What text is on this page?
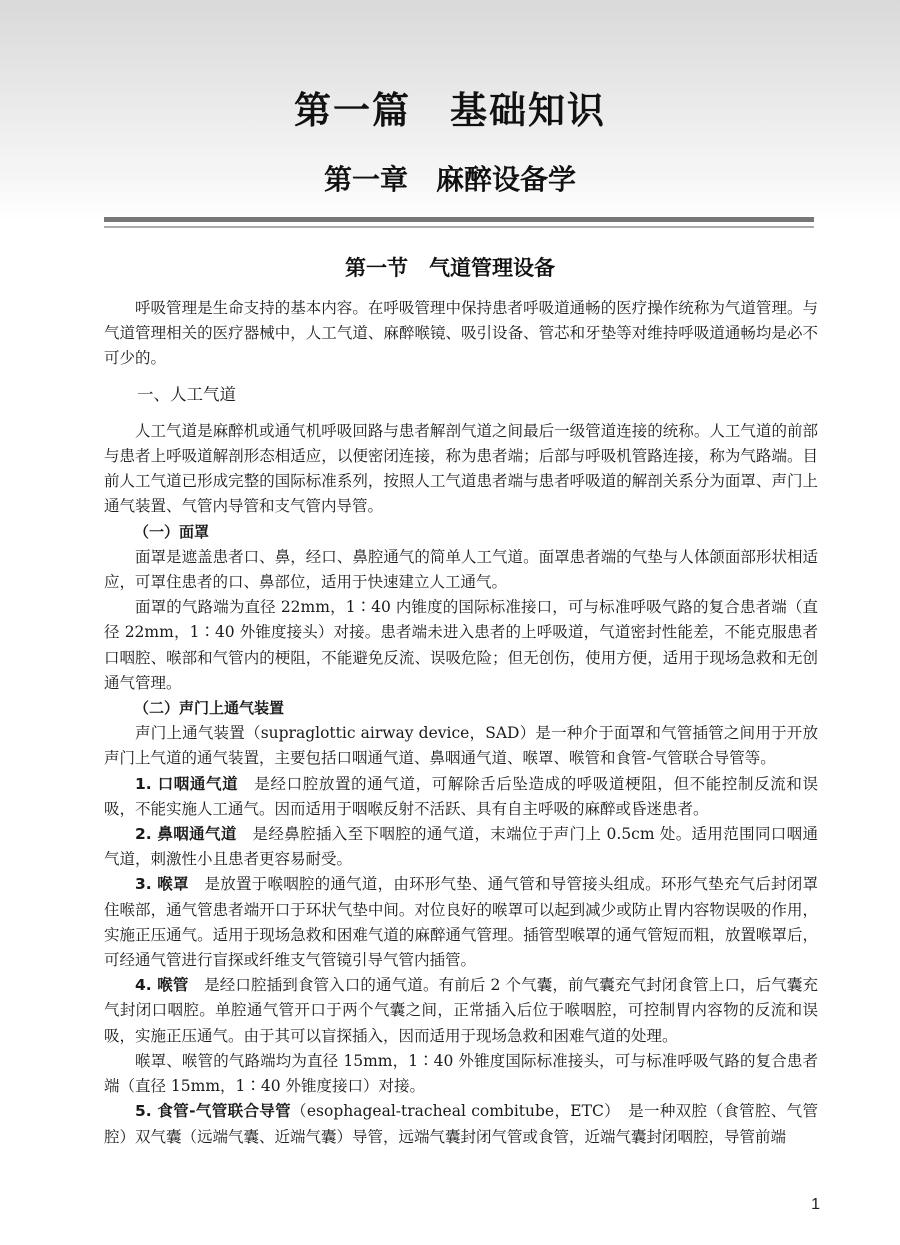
第一篇　基础知识
第一章　麻醉设备学
第一节　气道管理设备

呼吸管理是生命支持的基本内容。在呼吸管理中保持患者呼吸道通畅的医疗操作统称为气道管理。与气道管理相关的医疗器械中，人工气道、麻醉喉镜、吸引设备、管芯和牙垫等对维持呼吸道通畅均是必不可少的。

一、人工气道

人工气道是麻醉机或通气机呼吸回路与患者解剖气道之间最后一级管道连接的统称。人工气道的前部与患者上呼吸道解剖形态相适应，以便密闭连接，称为患者端；后部与呼吸机管路连接，称为气路端。目前人工气道已形成完整的国际标准系列，按照人工气道患者端与患者呼吸道的解剖关系分为面罩、声门上通气装置、气管内导管和支气管内导管。

（一）面罩

面罩是遮盖患者口、鼻，经口、鼻腔通气的简单人工气道。面罩患者端的气垫与人体颌面部形状相适应，可罩住患者的口、鼻部位，适用于快速建立人工通气。

面罩的气路端为直径 22mm，1∶40 内锥度的国际标准接口，可与标准呼吸气路的复合患者端（直径 22mm，1∶40 外锥度接头）对接。患者端未进入患者的上呼吸道，气道密封性能差，不能克服患者口咽腔、喉部和气管内的梗阻，不能避免反流、误吸危险；但无创伤，使用方便，适用于现场急救和无创通气管理。

（二）声门上通气装置

声门上通气装置（supraglottic airway device，SAD）是一种介于面罩和气管插管之间用于开放声门上气道的通气装置，主要包括口咽通气道、鼻咽通气道、喉罩、喉管和食管-气管联合导管等。

1. 口咽通气道　是经口腔放置的通气道，可解除舌后坠造成的呼吸道梗阻，但不能控制反流和误吸，不能实施人工通气。因而适用于咽喉反射不活跃、具有自主呼吸的麻醉或昏迷患者。

2. 鼻咽通气道　是经鼻腔插入至下咽腔的通气道，末端位于声门上 0.5cm 处。适用范围同口咽通气道，刺激性小且患者更容易耐受。

3. 喉罩　是放置于喉咽腔的通气道，由环形气垫、通气管和导管接头组成。环形气垫充气后封闭罩住喉部，通气管患者端开口于环状气垫中间。对位良好的喉罩可以起到减少或防止胃内容物误吸的作用，实施正压通气。适用于现场急救和困难气道的麻醉通气管理。插管型喉罩的通气管短而粗，放置喉罩后，可经通气管进行盲探或纤维支气管镜引导气管内插管。

4. 喉管　是经口腔插到食管入口的通气道。有前后 2 个气囊，前气囊充气封闭食管上口，后气囊充气封闭口咽腔。单腔通气管开口于两个气囊之间，正常插入后位于喉咽腔，可控制胃内容物的反流和误吸，实施正压通气。由于其可以盲探插入，因而适用于现场急救和困难气道的处理。

喉罩、喉管的气路端均为直径 15mm，1∶40 外锥度国际标准接头，可与标准呼吸气路的复合患者端（直径 15mm，1∶40 外锥度接口）对接。

5. 食管-气管联合导管（esophageal-tracheal combitube，ETC）　是一种双腔（食管腔、气管腔）双气囊（远端气囊、近端气囊）导管，远端气囊封闭气管或食管，近端气囊封闭咽腔，导管前端

1
